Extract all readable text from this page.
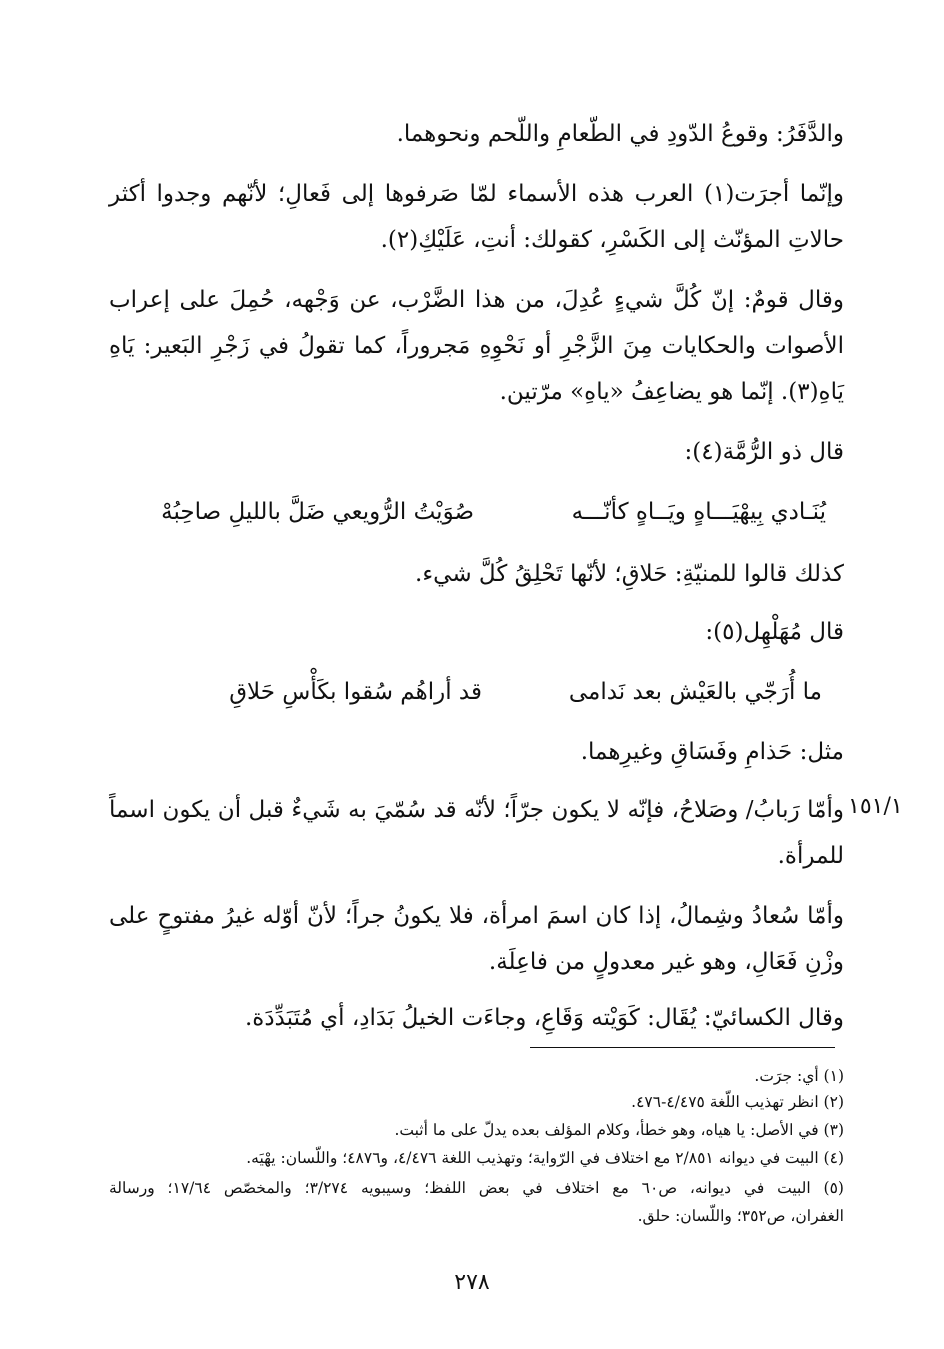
والدَّفَرُ: وقوعُ الدّودِ في الطّعامِ واللّحم ونحوهما.
وإنّما أجرَت(١) العرب هذه الأسماء لمّا صَرفوها إلى فَعالِ؛ لأنّهم وجدوا أكثر
حالاتِ المؤنّث إلى الكَسْرِ، كقولك: أنتِ، عَلَيْكِ(٢).
وقال قومٌ: إنّ كُلَّ شيءٍ عُدِلَ، من هذا الضَّرْب، عن وَجْهه، حُمِلَ على إعراب
الأصوات والحكايات مِنَ الزَّجْرِ أو نَحْوِهِ مَجروراً، كما تقولُ في زَجْرِ البَعير: يَاهِ
يَاهِ(٣). إنّما هو يضاعِفُ «ياهِ» مرّتين.
قال ذو الرُّمَّة(٤):
يُنَـادي بِيهْيَـــاهٍ ويَــاهٍ كأنّـــه
صُوَيْتُ الرُّويعي ضَلَّ بالليلِ صاحِبُهْ
كذلك قالوا للمنيّةِ: حَلاقِ؛ لأنّها تَحْلِقُ كُلَّ شيء.
قال مُهَلْهِل(٥):
ما أُرَجّي بالعَيْش بعد نَدامى
قد أراهُم سُقوا بكَأْسِ حَلاقِ
مثل: حَذامِ وفَسَاقِ وغيرِهما.
١٥١/١
وأمّا رَبابُ/ وصَلاحُ، فإنّه لا يكون جرّاً؛ لأنّه قد سُمّيَ به شَيءٌ قبل أن يكون اسماً
للمرأة.
وأمّا سُعادُ وشِمالُ، إذا كان اسمَ امرأة، فلا يكونُ جراً؛ لأنّ أوّله غيرُ مفتوحٍ على
وزْنِ فَعَالِ، وهو غير معدولٍ من فاعِلَة.
وقال الكسائيّ: يُقَال: كَوَيْته وَقَاعِ، وجاءَت الخيلُ بَدَادِ، أي مُتَبَدِّدَة.
(١) أي: جرَت.
(٢) انظر تهذيب اللّغة ٤/٤٧٥-٤٧٦.
(٣) في الأصل: يا هياه، وهو خطأ، وكلام المؤلف بعده يدلّ على ما أثبت.
(٤) البيت في ديوانه ٢/٨٥١ مع اختلاف في الرّواية؛ وتهذيب اللغة ٤/٤٧٦، و٤٨٧٦؛ واللّسان: يهْيَه.
(٥) البيت في ديوانه، ص٦٠ مع اختلاف في بعض اللفظ؛ وسيبويه ٣/٢٧٤؛ والمخصّص ١٧/٦٤؛ ورسالة
الغفران، ص٣٥٢؛ واللّسان: حلق.
٢٧٨
